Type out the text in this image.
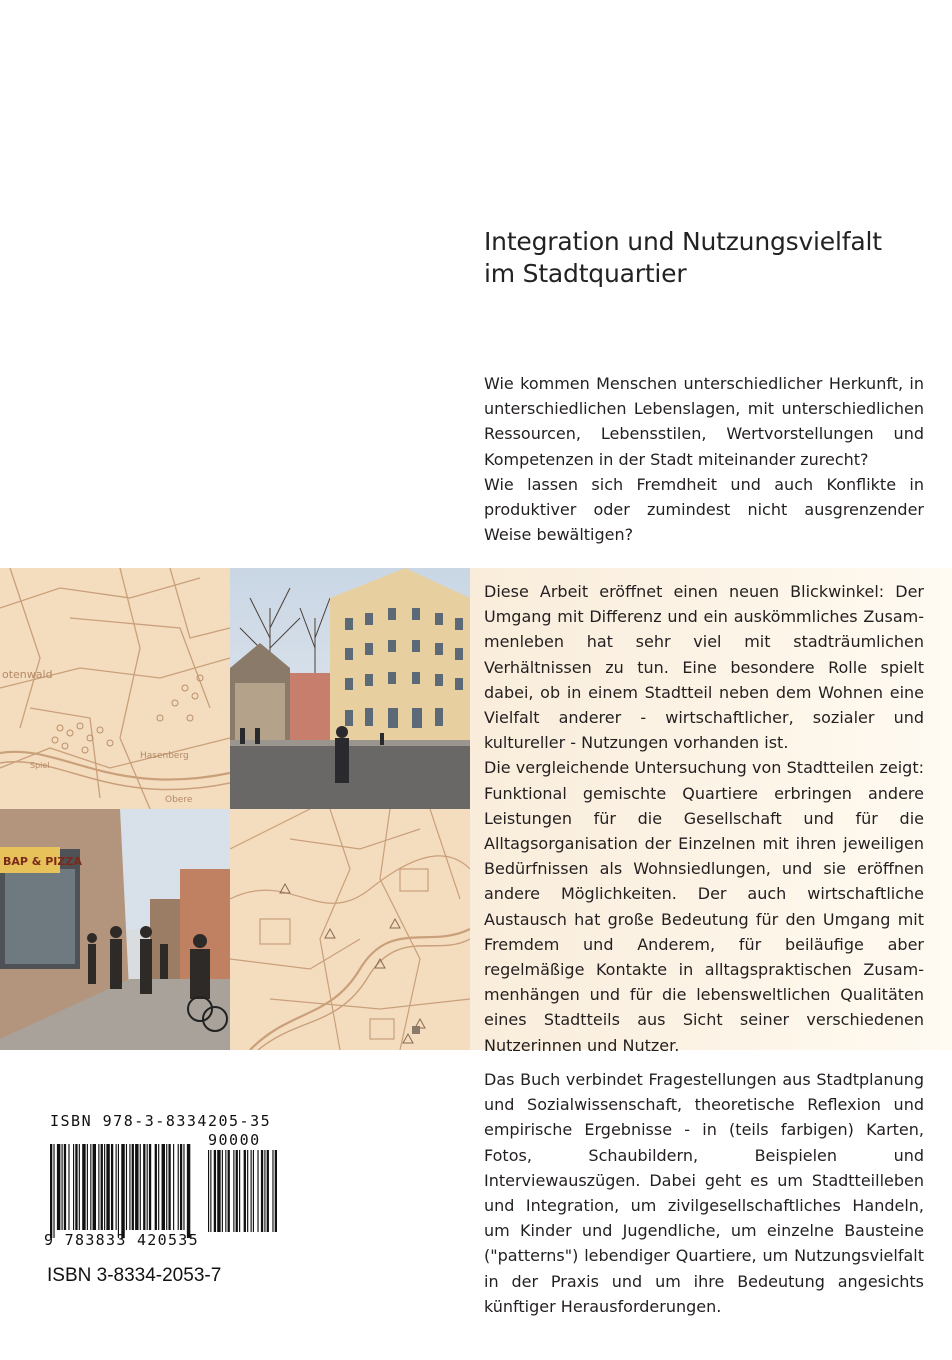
Integration und Nutzungsvielfalt
im Stadtquartier

Wie kommen Menschen unterschiedlicher Herkunft, in unterschiedlichen Lebenslagen, mit unterschiedlichen Ressourcen, Lebensstilen, Wertvorstellungen und Kompetenzen in der Stadt miteinander zurecht?

Wie lassen sich Fremdheit und auch Konflikte in produktiver oder zumindest nicht ausgrenzender Weise bewältigen?

otenwald
Spiel
Hasenberg
Obere
BAP & PIZZA

Diese Arbeit eröffnet einen neuen Blickwinkel: Der Umgang mit Differenz und ein auskömmliches Zusammenleben hat sehr viel mit stadträumlichen Verhältnissen zu tun. Eine besondere Rolle spielt dabei, ob in einem Stadtteil neben dem Wohnen eine Vielfalt anderer - wirtschaftlicher, sozialer und kultureller - Nutzungen vorhanden ist.

Die vergleichende Untersuchung von Stadtteilen zeigt: Funktional gemischte Quartiere erbringen andere Leistungen für die Gesellschaft und für die Alltagsorganisation der Einzelnen mit ihren jeweiligen Bedürfnissen als Wohnsiedlungen, und sie eröffnen andere Möglichkeiten. Der auch wirtschaftliche Austausch hat große Bedeutung für den Umgang mit Fremdem und Anderem, für beiläufige aber regelmäßige Kontakte in alltagspraktischen Zusammenhängen und für die lebensweltlichen Qualitäten eines Stadtteils aus Sicht seiner verschiedenen Nutzerinnen und Nutzer.

Das Buch verbindet Fragestellungen aus Stadtplanung und Sozialwissenschaft, theoretische Reflexion und empirische Ergebnisse - in (teils farbigen) Karten, Fotos, Schaubildern, Beispielen und Interviewauszügen. Dabei geht es um Stadtteilleben und Integration, um zivilgesellschaftliches Handeln, um Kinder und Jugendliche, um einzelne Bausteine ("patterns") lebendiger Quartiere, um Nutzungsvielfalt in der Praxis und um ihre Bedeutung angesichts künftiger Herausforderungen.

ISBN 978-3-8334205-35
90000
9 783833 420535
ISBN 3-8334-2053-7
